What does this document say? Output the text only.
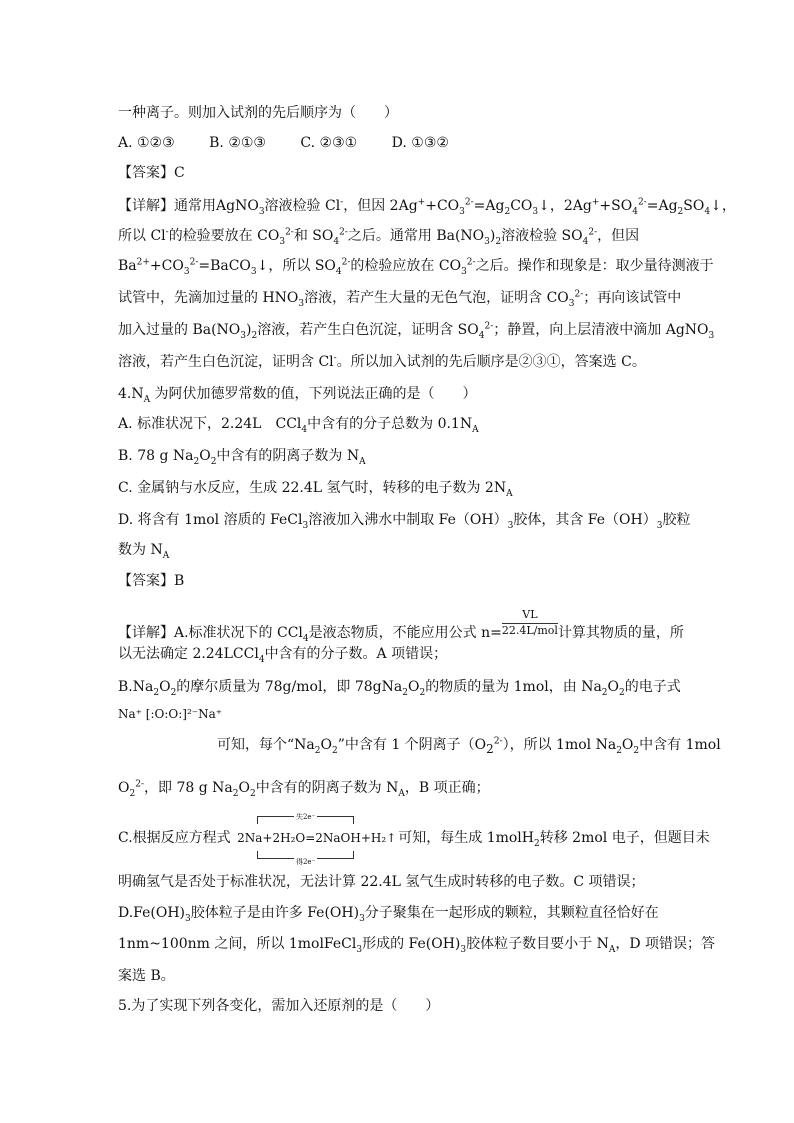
一种离子。则加入试剂的先后顺序为（　　）
A. ①②③ B. ②①③ C. ②③① D. ①③②
【答案】C
【详解】通常用AgNO$_3$溶液检验 Cl-，但因 $2Ag^++CO_3^{2-}=Ag_2CO_3↓$，$2Ag^++SO_4^{2-}=Ag_2SO_4↓$，
所以 Cl-的检验要放在 $CO_3^{2-}$和 $SO_4^{2-}$之后。通常用 $Ba(NO_3)_2$溶液检验 $SO_4^{2-}$，但因
$Ba^{2+}+CO_3^{2-}=BaCO_3↓$，所以 $SO_4^{2-}$的检验应放在 $CO_3^{2-}$之后。操作和现象是：取少量待测液于
试管中，先滴加过量的 $HNO_3$溶液，若产生大量的无色气泡，证明含 $CO_3^{2-}$；再向该试管中
加入过量的 $Ba(NO_3)_2$溶液，若产生白色沉淀，证明含 $SO_4^{2-}$；静置，向上层清液中滴加 AgNO$_3$
溶液，若产生白色沉淀，证明含 Cl-。所以加入试剂的先后顺序是②③①，答案选 C。
$4.N_A$ 为阿伏加德罗常数的值，下列说法正确的是（　　）
A. 标准状况下，2.24L　CCl$_4$中含有的分子总数为 $0.1N_A$
B. 78 g $Na_2O_2$中含有的阴离子数为 $N_A$
C. 金属钠与水反应，生成 22.4L 氢气时，转移的电子数为 $2N_A$
D. 将含有 1mol 溶质的 FeCl$_3$溶液加入沸水中制取 $Fe(OH)_3$胶体，其含 $Fe(OH)_3$胶粒
数为 $N_A$
【答案】B
【详解】A.标准状况下的 CCl$_4$是液态物质，不能应用公式 $n= \frac{VL}{\text{22.4L/mol}}$ 计算其物质的量，所
以无法确定 2.24LCCl$_4$中含有的分子数。A 项错误；
$B.Na_2O_2$的摩尔质量为 78g/mol，即 $78gNa_2O_2$的物质的量为 1mol，由 $Na_2O_2$的电子式
Na⁺ [:O:O:]²⁻Na⁺
可知，每个“$Na_2O_2$”中含有 1 个阴离子$(O_2^{2-})$，所以 1mol $Na_2O_2$中含有 1mol
$O_2^{2-}$，即 78 g $Na_2O_2$中含有的阴离子数为 $N_A$，B 项正确；
C.根据反应方程式
失2e⁻
2Na+2H₂O=2NaOH+H₂↑
得2e⁻
可知，每生成 1molH$_2$转移 2mol 电子，但题目未
明确氢气是否处于标准状况，无法计算 22.4L 氢气生成时转移的电子数。C 项错误；
$D.Fe(OH)_3$胶体粒子是由许多 $Fe(OH)_3$分子聚集在一起形成的颗粒，其颗粒直径恰好在
1nm~100nm 之间，所以 1molFeCl$_3$形成的 $Fe(OH)_3$胶体粒子数目要小于 $N_A$，D 项错误；答
案选 B。
5.为了实现下列各变化，需加入还原剂的是（　　）
